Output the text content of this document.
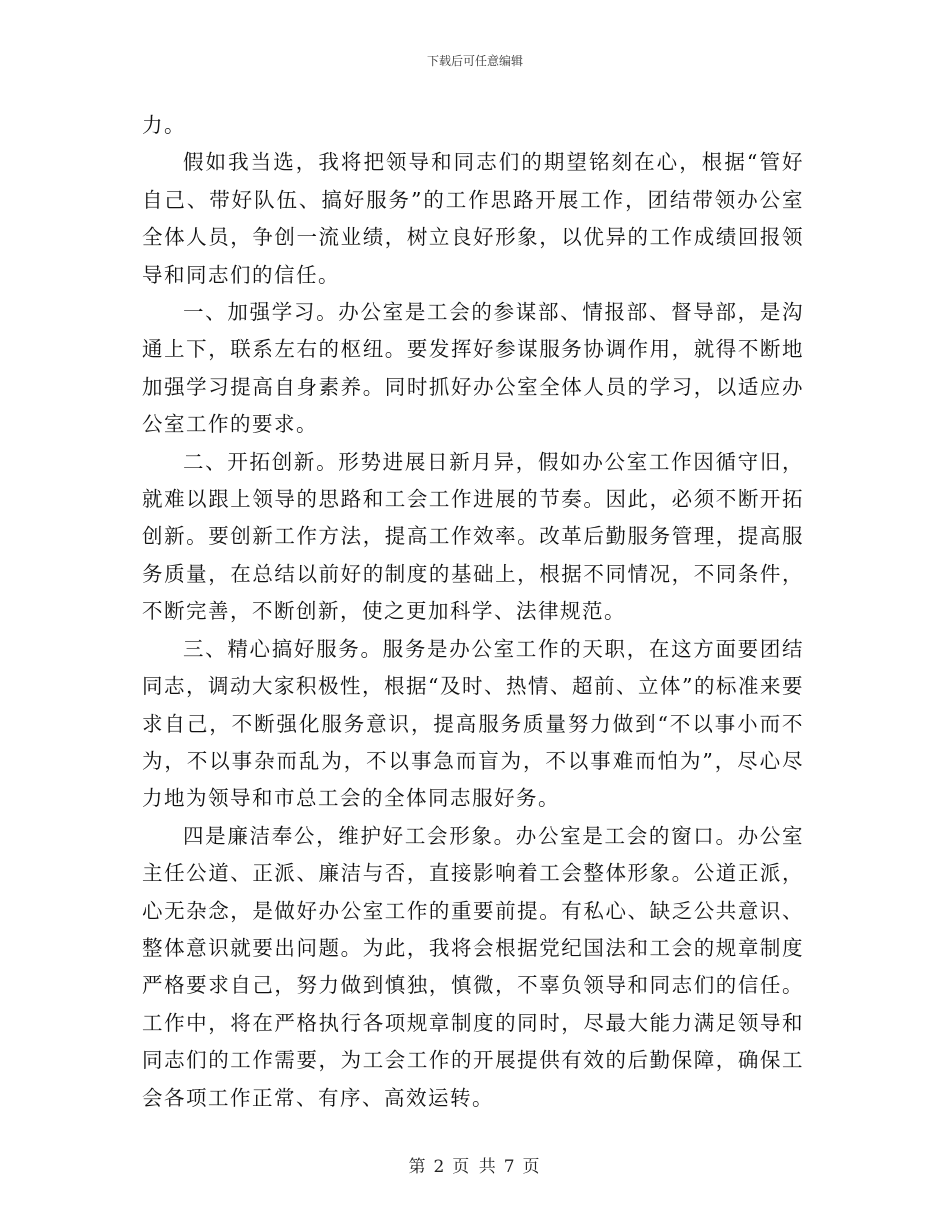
下载后可任意编辑

力。

假如我当选，我将把领导和同志们的期望铭刻在心，根据“管好自己、带好队伍、搞好服务”的工作思路开展工作，团结带领办公室全体人员，争创一流业绩，树立良好形象，以优异的工作成绩回报领导和同志们的信任。

一、加强学习。办公室是工会的参谋部、情报部、督导部，是沟通上下，联系左右的枢纽。要发挥好参谋服务协调作用，就得不断地加强学习提高自身素养。同时抓好办公室全体人员的学习，以适应办公室工作的要求。

二、开拓创新。形势进展日新月异，假如办公室工作因循守旧，就难以跟上领导的思路和工会工作进展的节奏。因此，必须不断开拓创新。要创新工作方法，提高工作效率。改革后勤服务管理，提高服务质量，在总结以前好的制度的基础上，根据不同情况，不同条件，不断完善，不断创新，使之更加科学、法律规范。

三、精心搞好服务。服务是办公室工作的天职，在这方面要团结同志，调动大家积极性，根据“及时、热情、超前、立体”的标准来要求自己，不断强化服务意识，提高服务质量努力做到“不以事小而不为，不以事杂而乱为，不以事急而盲为，不以事难而怕为”，尽心尽力地为领导和市总工会的全体同志服好务。

四是廉洁奉公，维护好工会形象。办公室是工会的窗口。办公室主任公道、正派、廉洁与否，直接影响着工会整体形象。公道正派，心无杂念，是做好办公室工作的重要前提。有私心、缺乏公共意识、整体意识就要出问题。为此，我将会根据党纪国法和工会的规章制度严格要求自己，努力做到慎独，慎微，不辜负领导和同志们的信任。工作中，将在严格执行各项规章制度的同时，尽最大能力满足领导和同志们的工作需要，为工会工作的开展提供有效的后勤保障，确保工会各项工作正常、有序、高效运转。

第 2 页 共 7 页
